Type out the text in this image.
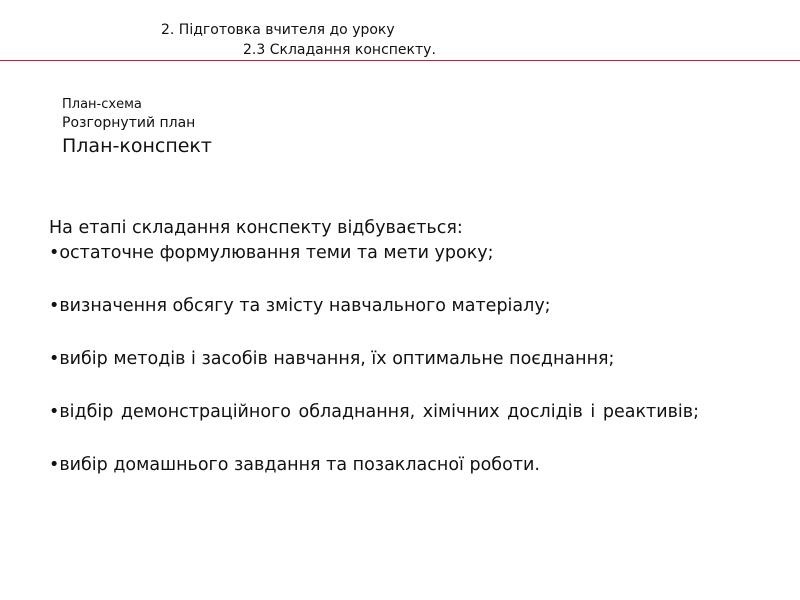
2. Підготовка вчителя до уроку
2.3 Складання конспекту.
План-схема
Розгорнутий план
План-конспект
На етапі складання конспекту відбувається:
•остаточне формулювання теми та мети уроку;
•визначення обсягу та змісту навчального матеріалу;
•вибір методів і засобів навчання, їх оптимальне поєднання;
•відбір демонстраційного обладнання, хімічних дослідів і реактивів;
•вибір домашнього завдання та позакласної роботи.
